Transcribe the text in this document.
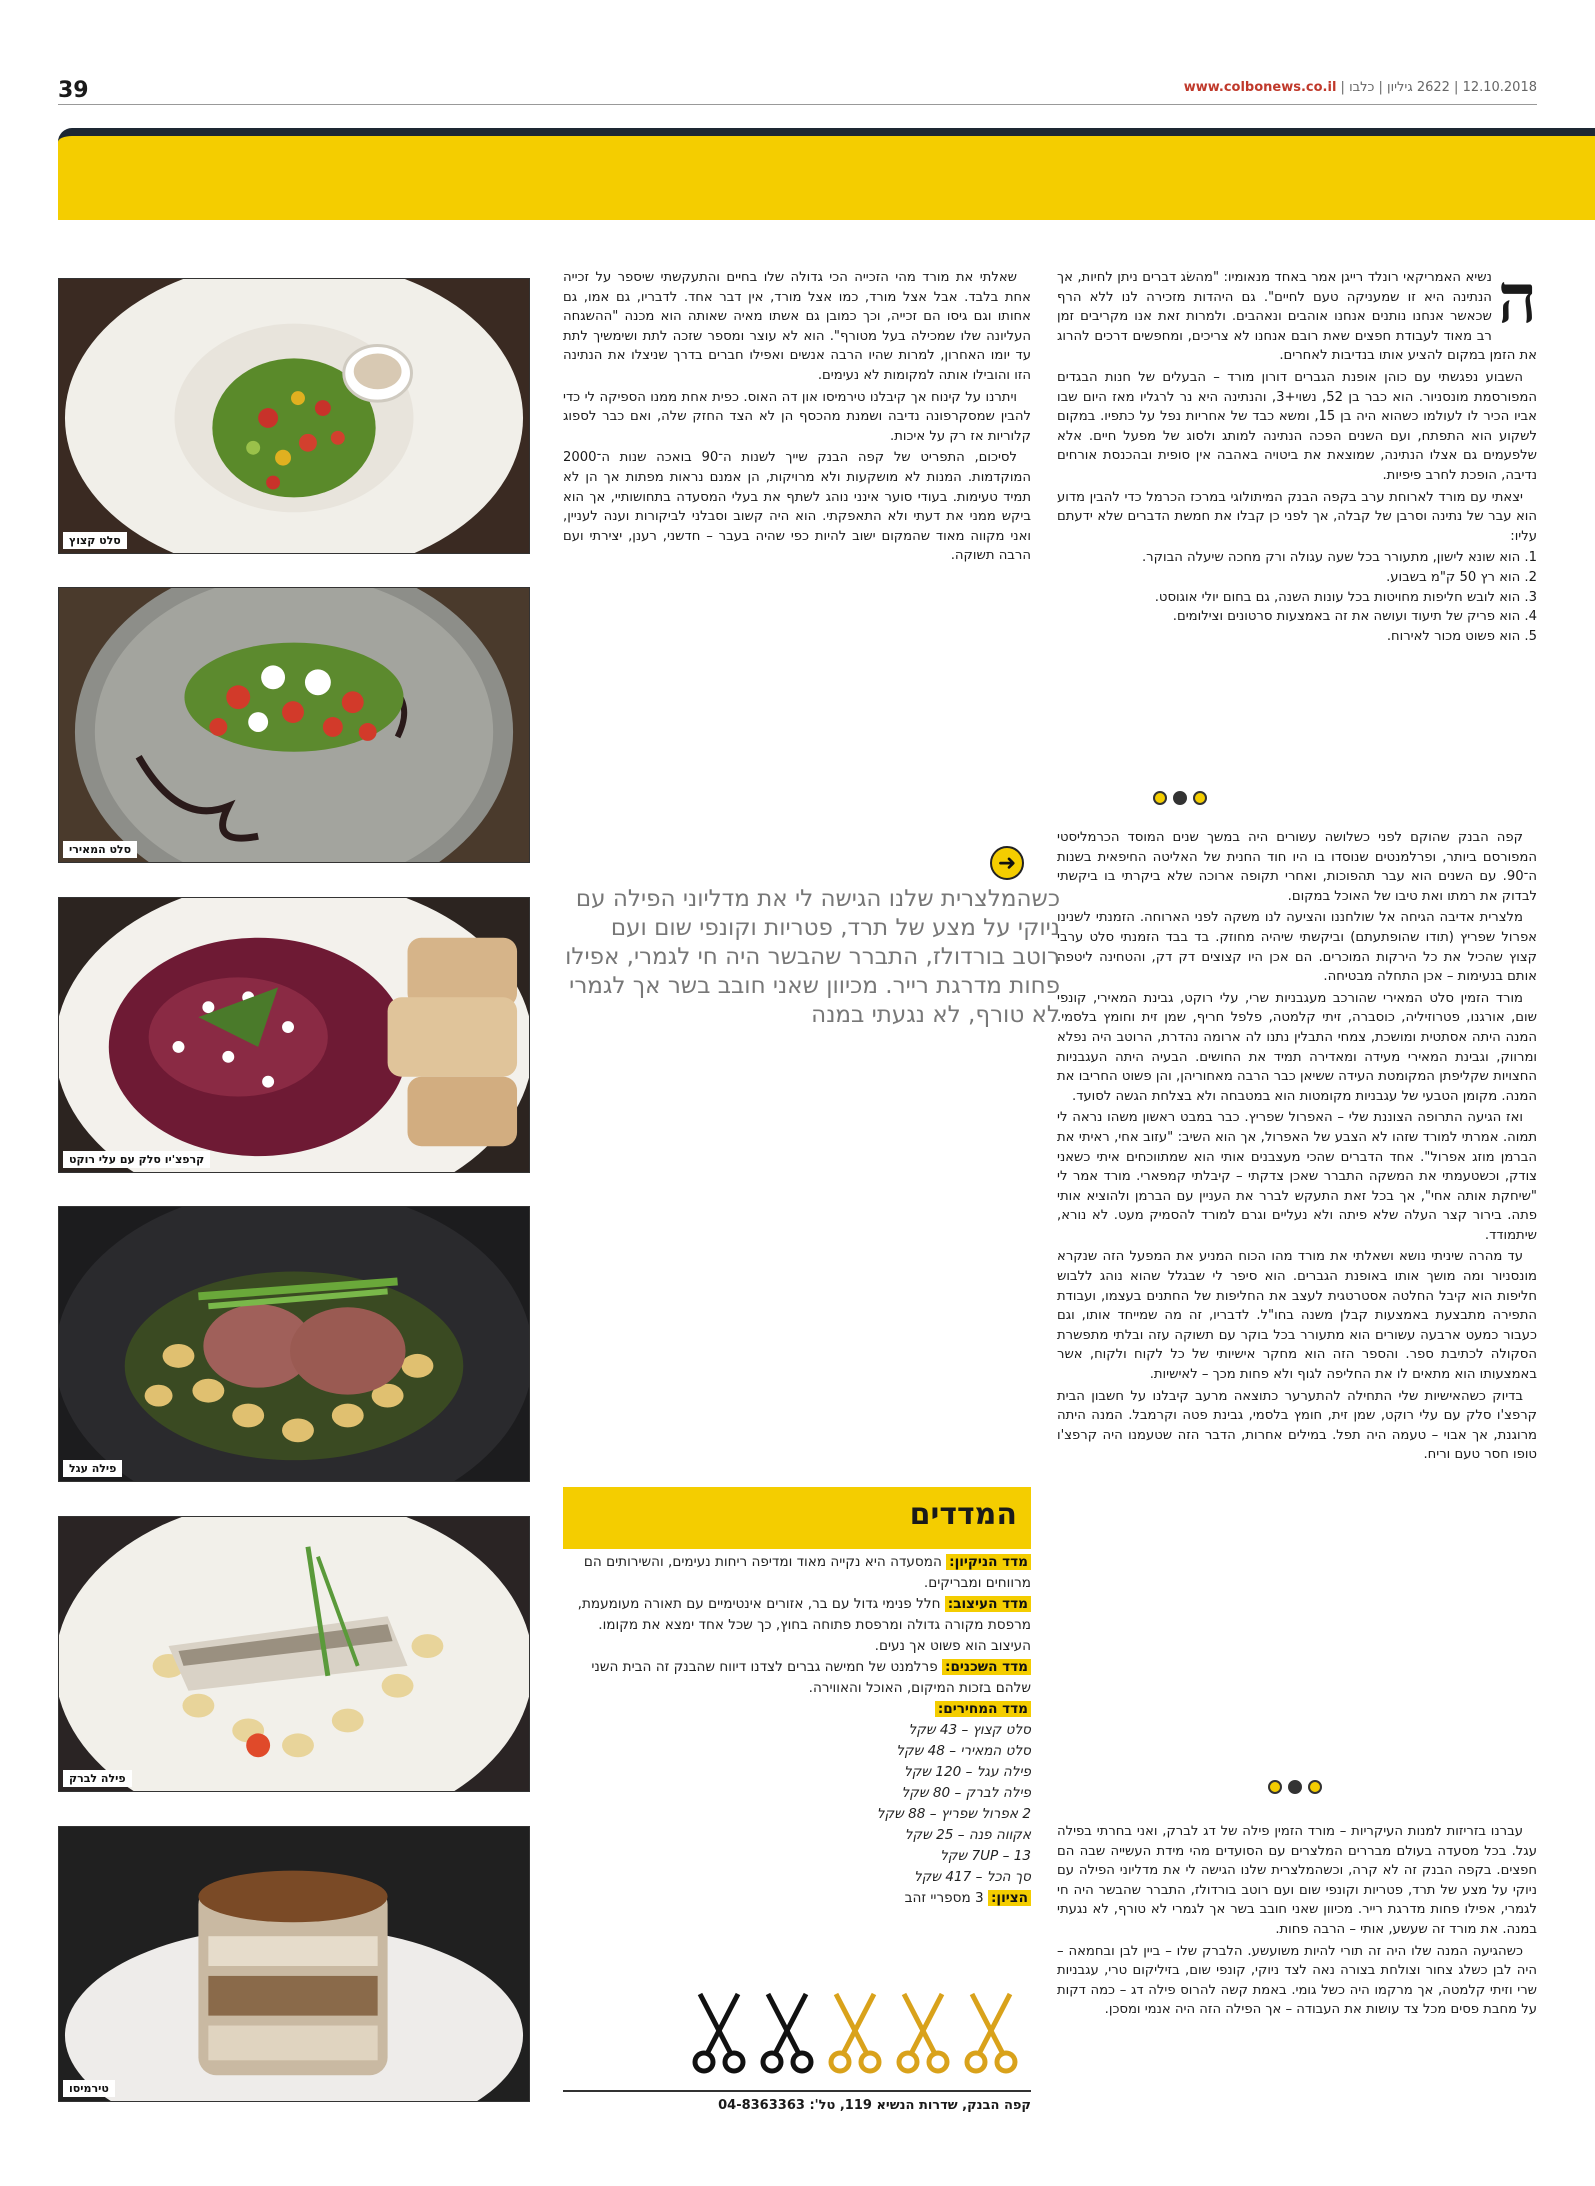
39	12.10.2018 | 2622 גיליון | כלבו | www.colbonews.co.il
סלט קצוץ
סלט המאירי
קרפצ'יו סלק עם עלי רוקט
פילה עגל
פילה לברק
טירמיסו
ה

נשיא האמריקאי רונלד רייגן אמר באחד מנאומיו: "מהשׂג דברים ניתן לחיות, אך הנתינה היא זו שמעניקה טעם לחיים". גם היהדות מזכירה לנו ללא הרף שכאשר אנחנו נותנים אנחנו אוהבים ונאהבים. ולמרות זאת אנו מקריבים זמן רב מאוד לעבודת חפצים שאת רובם אנחנו לא צריכים, ומחפשים דרכים להרוג את הזמן במקום להציע אותו בנדיבות לאחרים.

השבוע נפגשתי עם כוהן אופנת הגברים דורון מורד – הבעלים של חנות הבגדים המפורסמת מונסניור. הוא כבר בן 52, נשוי+3, והנתינה היא נר לרגליו מאז היום שבו אביו הכיר לו לעולמו כשהוא היה בן 15, ומשא כבד של אחריות נפל על כתפיו. במקום לשקוע הוא התפתח, ועם השנים הפכה הנתינה למותג ולסוג של מפעל חיים. אלא שלפעמים גם אצלו הנתינה, שמוצאת את ביטויה באהבה אין סופית ובהכנסת אורחים נדיבה, הופכת לחרב פיפיות.

יצאתי עם מורד לארוחת ערב בקפה הבנק המיתולוגי במרכז הכרמל כדי להבין מדוע הוא עבר של נתינה וסרבן של קבלה, אך לפני כן קבלו את חמשת הדברים שלא ידעתם עליו:

1. הוא שונא לישון, מתעורר בכל שעה עגולה ורק מחכה שיעלה הבוקר.
2. הוא רץ 50 ק"מ בשבוע.
3. הוא לובש חליפות מחויטות בכל עונות השנה, גם בחום יולי אוגוסט.
4. הוא פריק של תיעוד ועושה את זה באמצעות סרטונים וצילומים.
5. הוא פשוט מכור לאירוח.

קפה הבנק שהוקם לפני כשלושה עשורים היה במשך שנים המוסד הכרמליסטי המפורסם ביותר, ופרלמנטים שנוסדו בו היו חוד החנית של האליטה החיפאית בשנות ה־90. עם השנים הוא עבר תהפוכות, ואחרי תקופה ארוכה שלא ביקרתי בו ביקשתי לבדוק את רמתו ואת טיבו של האוכל במקום.

מלצרית אדיבה הגיחה אל שולחננו והציעה לנו משקה לפני הארוחה. הזמנתי לשנינו אפרול שפריץ (תודו שהופתעתם) וביקשתי שיהיה מחוזק. בד בבד הזמנתי סלט ערבי קצוץ שהכיל את כל הירקות המוכרים. הם אכן היו קצוצים דק דק, והטחינה ליטפה אותם בנעימות – אכן התחלה מבטיחה.

מורד הזמין סלט המאירי שהורכב מעגבניות שרי, עלי רוקט, גבינת המאירי, קונפי שום, אורגנו, פטרוזיליה, כוסברה, זיתי קלמטה, פלפל חריף, שמן זית וחומץ בלסמי. המנה היתה אסתטית ומושכת, צמחי התבלין נתנו לה ארומה נהדרת, הרוטב היה נפלא ומרווק, וגבינת המאירי מעידה ומאדירה תמיד את החושים. הבעיה היתה העגבניות החצויות שקליפתן המקומטת העידה ששיאן כבר הרבה מאחוריהן, והן פשוט החריבו את המנה. מקומן הטבעי של עגבניות מקומטות הוא במטבחה ולא בצלחת הגשה לסועד.

ואז הגיעה התרופה הצוננת שלי – האפרול שפריץ. כבר במבט ראשון משהו נראה לי תמוה. אמרתי למורד שזהו לא הצבע של האפרול, אך הוא השיב: "עזוב אחי, ראיתי את הברמן מוזג אפרול". אחד הדברים שהכי מעצבנים אותי הוא שמתווכחים איתי כשאני צודק, וכשטעמתי את המשקה התברר שאכן צדקתי – קיבלתי קמפארי. מורד אמר לי "שיחקת אותה אחי", אך בכל זאת התעקש לברר את העניין עם הברמן ולהוציא אותי פתה. בירור קצר העלה שלא פיתה ולא נעליים וגרם למורד להסמיק מעט. לא נורא, שיתמודד.

עד מהרה שיניתי נושא ושאלתי את מורד מהו הכוח המניע את המפעל הזה שנקרא מונסניור ומה מושך אותו באופנת הגברים. הוא סיפר לי שבגלל שהוא נוהג ללבוש חליפות הוא קיבל החלטה אסטרטגית לעצב את החליפות של החתנים בעצמו, ועבודת התפירה מתבצעת באמצעות קבלן משנה בחו"ל. לדבריו, זה מה שמייחד אותו, וגם כעבור כמעט ארבעה עשורים הוא מתעורר בכל בוקר עם תשוקה עזה ובלתי מתפשרת הסקולה לכתיבת ספר. והספר הזה הוא מחקר אישיותי של כל לקוח ולקוח, אשר באמצעותו הוא מתאים לו את החליפה לגוף ולא פחות מכך – לאישיות.

בדיוק כשהאישיות שלי התחילה להתערער כתוצאה מרעב קיבלנו על חשבון הבית קרפצ'ו סלק עם עלי רוקט, שמן זית, חומץ בלסמי, גבינת פטה וקרמבל. המנה היתה מרוגנת, אך אבוי – טעמה היה תפל. במילים אחרות, הדבר הזה שטעמנו היה קרפצ'ו טופו חסר טעם וריח.

עברנו בזריזות למנות העיקריות – מורד הזמין פילה של דג לברק, ואני בחרתי בפילה עגל. בכל מסעדה בעולם מבררים המלצרים עם הסועדים מהי מידת העשייה שבה הם חפצים. בקפה הבנק זה לא קרה, וכשהמלצרית שלנו הגישה לי את מדליוני הפילה עם ניוקי על מצע של תרד, פטריות וקונפי שום ועם רוטב בורדולז, התברר שהבשר היה חי לגמרי, אפילו פחות מדרגת רייר. מכיוון שאני חובב בשר אך לגמרי לא טורף, לא נגעתי במנה. את מורד זה שעשע, אותי – הרבה פחות.

כשהגיעה המנה שלו היה זה תורי להיות משועשע. הלברק שלו – ביין לבן ובחמאה – היה לבן כשלג צחור וצולחת בצורה נאה לצד ניוקי, קונפי שום, בזיליקום טרי, עגבניות שרי וזיתי קלמטה, אך מרקמו היה כשל גומי. באמת קשה להרוס פילה דג – כמה דקות על מחבת פסים מכל צד עושות את העבודה – אך הפילה הזה היה אנמי ומסכן.

שאלתי את מורד מהי הזכייה הכי גדולה שלו בחיים והתעקשתי שיספר על זכייה אחת בלבד. אבל אצל מורד, כמו אצל מורד, אין דבר אחד. לדבריו, גם אמו, גם אחותו וגם גיסו הם זכייה, וכך כמובן גם אשתו מאיה שאותה הוא מכנה "ההשגחה העליונה שלו שמכילה בעל מטורף". הוא לא עוצר ומספר שזכה לתת ושימשיך לתת עד יומו האחרון, למרות שהיו הרבה אנשים ואפילו חברים בדרך שניצלו את הנתינה הזו והובילו אותה למקומות לא נעימים.

ויתרנו על קינוח אך קיבלנו טירמיסו און דה האוס. כפית אחת ממנו הספיקה לי כדי להבין שמסקרפונה נדיבה ושמנת מהכסף הן לא הצד החזק שלה, ואם כבר לספוג קלוריות אז רק על איכות.

לסיכום, התפריט של קפה הבנק שייך לשנות ה־90 בואכה שנות ה־2000 המוקדמות. המנות לא מושקעות ולא מרויקות, הן אמנם נראות מפתות אך הן לא תמיד טעימות. בעודי סוער אינני נוהג לשתף את בעלי המסעדה בתחושותיי, אך הוא ביקש ממני את דעתי ולא התאפקתי. הוא היה קשוב וסבלני לביקורות וענה לעניין, ואני מקווה מאוד שהמקום ישוב להיות כפי שהיה בעבר – חדשני, רענן, יצירתי ועם הרבה תשוקה.

➜
כשהמלצרית שלנו הגישה לי את מדליוני הפילה עם ניוקי על מצע של תרד, פטריות וקונפי שום ועם רוטב בורדולז, התברר שהבשר היה חי לגמרי, אפילו פחות מדרגת רייר. מכיוון שאני חובב בשר אך לגמרי לא טורף, לא נגעתי במנה
המדדים
מדד הניקיון: המסעדה היא נקייה מאוד ומדיפה ריחות נעימים, והשירותים הם מרווחים ומבריקים.
מדד העיצוב: חלל פנימי גדול עם בר, אזורים אינטימיים עם תאורה מעומעמת, מרפסת מקורה גדולה ומרפסת פתוחה בחוץ, כך שכל אחד ימצא את מקומו. העיצוב הוא פשוט אך נעים.
מדד השכנים: פרלמנט של חמישה גברים לצדנו דיווח שהבנק זה הבית השני שלהם בזכות המיקום, האוכל והאווירה.
מדד המחירים:
סלט קצוץ – 43 שקל
סלט המאירי – 48 שקל
פילה עגל – 120 שקל
פילה לברק – 80 שקל
2 אפרול שפריץ – 88 שקל
אקווה פנה – 25 שקל
7UP – 13 שקל
סך הכל – 417 שקל
הציון: 3 מספריי זהב
קפה הבנק, שדרות הנשיא 119, טל': 04-8363363
